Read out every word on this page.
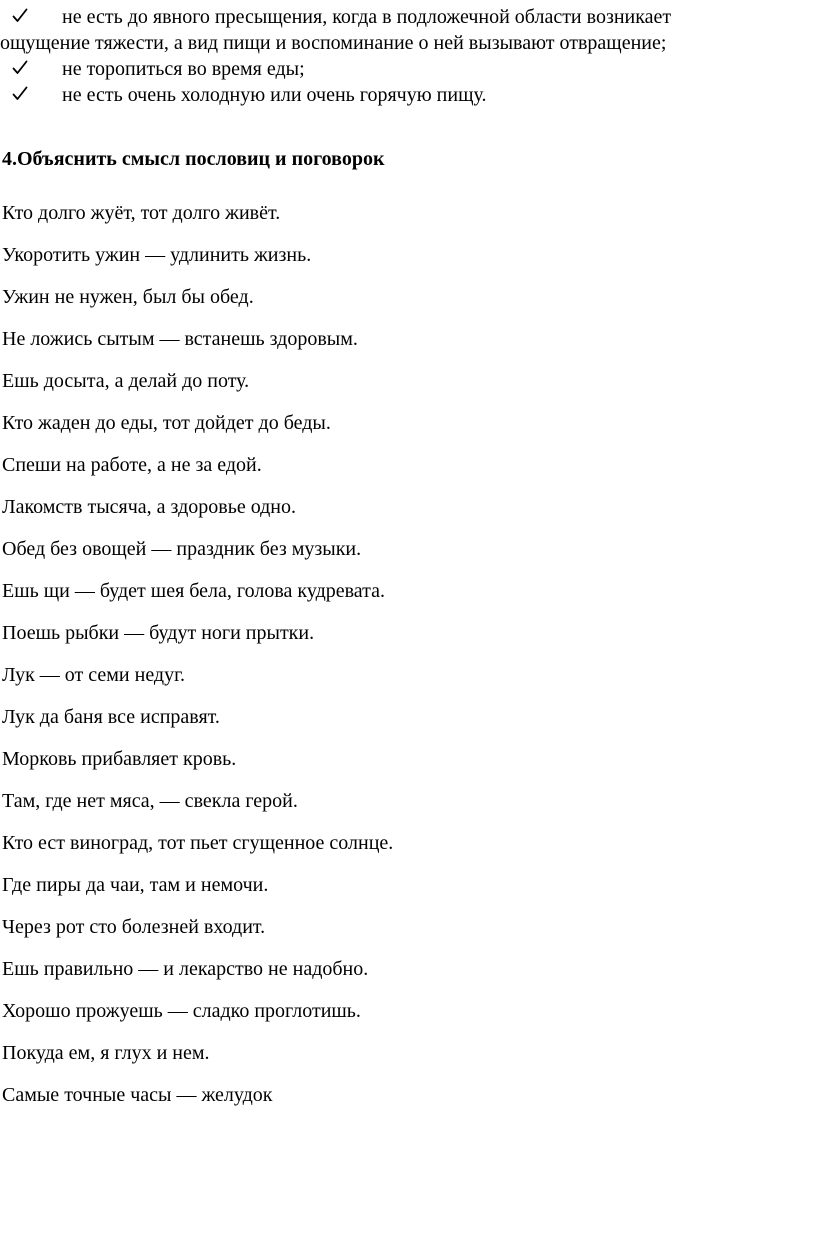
не есть до явного пресыщения, когда в подложечной области возникает
ощущение тяжести, а вид пищи и воспоминание о ней вызывают отвращение;
не торопиться во время еды;
не есть очень холодную или очень горячую пищу.
4.Объяснить смысл пословиц и поговорок
Кто долго жуёт, тот долго живёт.
Укоротить ужин — удлинить жизнь.
Ужин не нужен, был бы обед.
Не ложись сытым — встанешь здоровым.
Ешь досыта, а делай до поту.
Кто жаден до еды, тот дойдет до беды.
Спеши на работе, а не за едой.
Лакомств тысяча, а здоровье одно.
Обед без овощей — праздник без музыки.
Ешь щи — будет шея бела, голова кудревата.
Поешь рыбки — будут ноги прытки.
Лук — от семи недуг.
Лук да баня все исправят.
Морковь прибавляет кровь.
Там, где нет мяса, — свекла герой.
Кто ест виноград, тот пьет сгущенное солнце.
Где пиры да чаи, там и немочи.
Через рот сто болезней входит.
Ешь правильно — и лекарство не надобно.
Хорошо прожуешь — сладко проглотишь.
Покуда ем, я глух и нем.
Самые точные часы — желудок
